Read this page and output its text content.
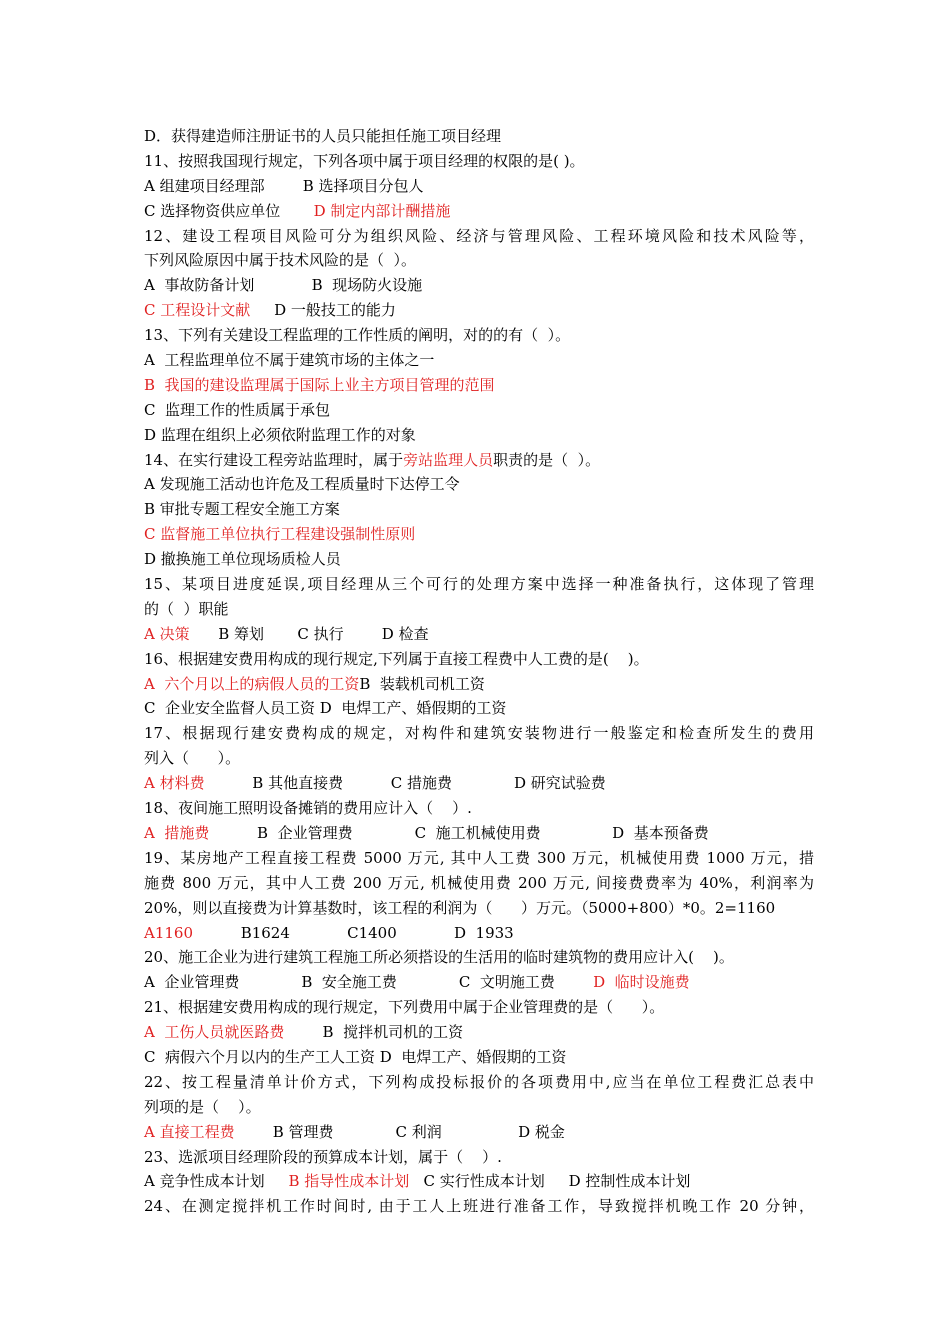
D．获得建造师注册证书的人员只能担任施工项目经理
11、按照我国现行规定，下列各项中属于项目经理的权限的是( )。
A 组建项目经理部        B 选择项目分包人
C 选择物资供应单位       D 制定内部计酬措施
12、建设工程项目风险可分为组织风险、经济与管理风险、工程环境风险和技术风险等，
下列风险原因中属于技术风险的是（  ）。
A  事故防备计划            B  现场防火设施
C 工程设计文献     D 一般技工的能力
13、下列有关建设工程监理的工作性质的阐明，对的的有（  ）。
A  工程监理单位不属于建筑市场的主体之一
B  我国的建设监理属于国际上业主方项目管理的范围
C  监理工作的性质属于承包
D 监理在组织上必须依附监理工作的对象
14、在实行建设工程旁站监理时，属于旁站监理人员职责的是（  ）。
A 发现施工活动也许危及工程质量时下达停工令
B 审批专题工程安全施工方案
C 监督施工单位执行工程建设强制性原则
D 撤换施工单位现场质检人员
15、某项目进度延误,项目经理从三个可行的处理方案中选择一种准备执行，这体现了管理
的（  ）职能
A 决策      B 筹划       C 执行        D 检查
16、根据建安费用构成的现行规定,下列属于直接工程费中人工费的是(    )。
A  六个月以上的病假人员的工资B  装载机司机工资
C  企业安全监督人员工资 D  电焊工产、婚假期的工资
17、根据现行建安费构成的规定，对构件和建筑安装物进行一般鉴定和检查所发生的费用
列入（      ）。
A 材料费          B 其他直接费          C 措施费             D 研究试验费
18、夜间施工照明设备摊销的费用应计入（    ）.
A  措施费          B  企业管理费             C  施工机械使用费               D  基本预备费
19、某房地产工程直接工程费 5000 万元, 其中人工费 300 万元，机械使用费 1000 万元，措
施费 800 万元，其中人工费 200 万元, 机械使用费 200 万元, 间接费费率为 40%，利润率为
20%，则以直接费为计算基数时，该工程的利润为（      ）万元。（5000+800）*0。2=1160
A1160          B1624            C1400            D  1933
20、施工企业为进行建筑工程施工所必须搭设的生活用的临时建筑物的费用应计入(    )。
A  企业管理费             B  安全施工费             C  文明施工费        D  临时设施费
21、根据建安费用构成的现行规定，下列费用中属于企业管理费的是（      ）。
A  工伤人员就医路费        B  搅拌机司机的工资
C  病假六个月以内的生产工人工资 D  电焊工产、婚假期的工资
22、按工程量清单计价方式，下列构成投标报价的各项费用中,应当在单位工程费汇总表中
列项的是（    ）。
A 直接工程费        B 管理费             C 利润                D 税金
23、选派项目经理阶段的预算成本计划，属于（    ）.
A 竞争性成本计划     B 指导性成本计划   C 实行性成本计划     D 控制性成本计划
24、在测定搅拌机工作时间时, 由于工人上班进行准备工作，导致搅拌机晚工作 20 分钟，
